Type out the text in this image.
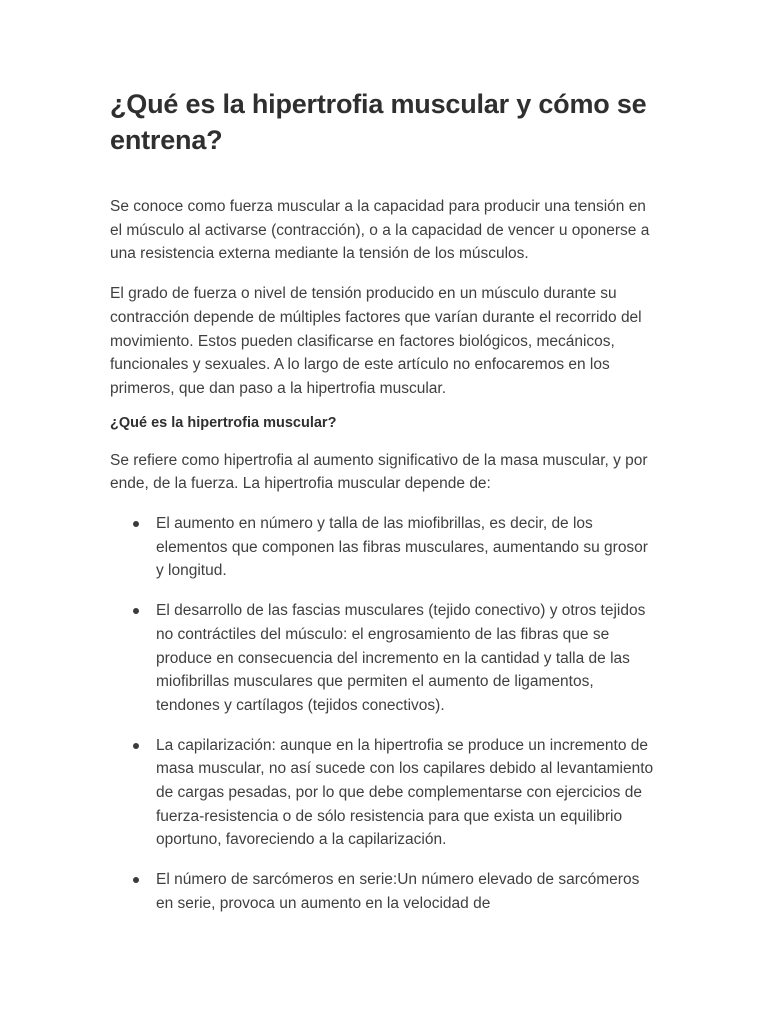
¿Qué es la hipertrofia muscular y cómo se entrena?

Se conoce como fuerza muscular a la capacidad para producir una tensión en el músculo al activarse (contracción), o a la capacidad de vencer u oponerse a una resistencia externa mediante la tensión de los músculos.

El grado de fuerza o nivel de tensión producido en un músculo durante su contracción depende de múltiples factores que varían durante el recorrido del movimiento. Estos pueden clasificarse en factores biológicos, mecánicos, funcionales y sexuales. A lo largo de este artículo no enfocaremos en los primeros, que dan paso a la hipertrofia muscular.

¿Qué es la hipertrofia muscular?

Se refiere como hipertrofia al aumento significativo de la masa muscular, y por ende, de la fuerza. La hipertrofia muscular depende de:

El aumento en número y talla de las miofibrillas, es decir, de los elementos que componen las fibras musculares, aumentando su grosor y longitud.
El desarrollo de las fascias musculares (tejido conectivo) y otros tejidos no contráctiles del músculo: el engrosamiento de las fibras que se produce en consecuencia del incremento en la cantidad y talla de las miofibrillas musculares que permiten el aumento de ligamentos, tendones y cartílagos (tejidos conectivos).
La capilarización: aunque en la hipertrofia se produce un incremento de masa muscular, no así sucede con los capilares debido al levantamiento de cargas pesadas, por lo que debe complementarse con ejercicios de fuerza-resistencia o de sólo resistencia para que exista un equilibrio oportuno, favoreciendo a la capilarización.
El número de sarcómeros en serie:Un número elevado de sarcómeros en serie, provoca un aumento en la velocidad de
